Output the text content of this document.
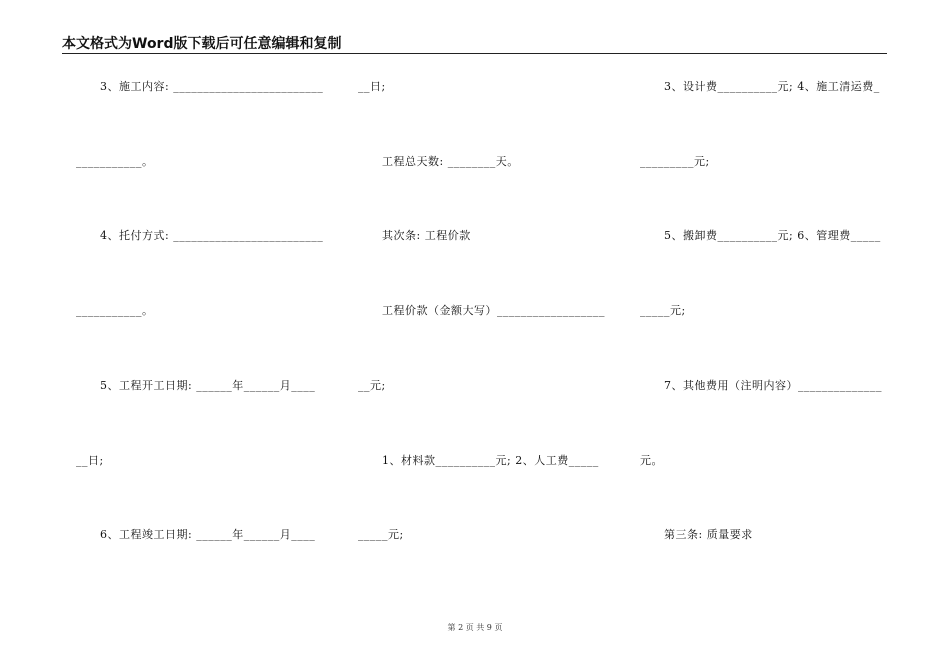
本文格式为Word版下载后可任意编辑和复制
3、施工内容: _________________________
___________。
4、托付方式: _________________________
___________。
5、工程开工日期: ______年______月____
__日;
6、工程竣工日期: ______年______月____
__日;
工程总天数: ________天。
其次条: 工程价款
工程价款（金额大写）__________________
__元;
1、材料款__________元; 2、人工费_____
_____元;
3、设计费__________元; 4、施工清运费_
_________元;
5、搬卸费__________元; 6、管理费_____
_____元;
7、其他费用（注明内容）______________
元。
第三条: 质量要求
第 2 页 共 9 页
